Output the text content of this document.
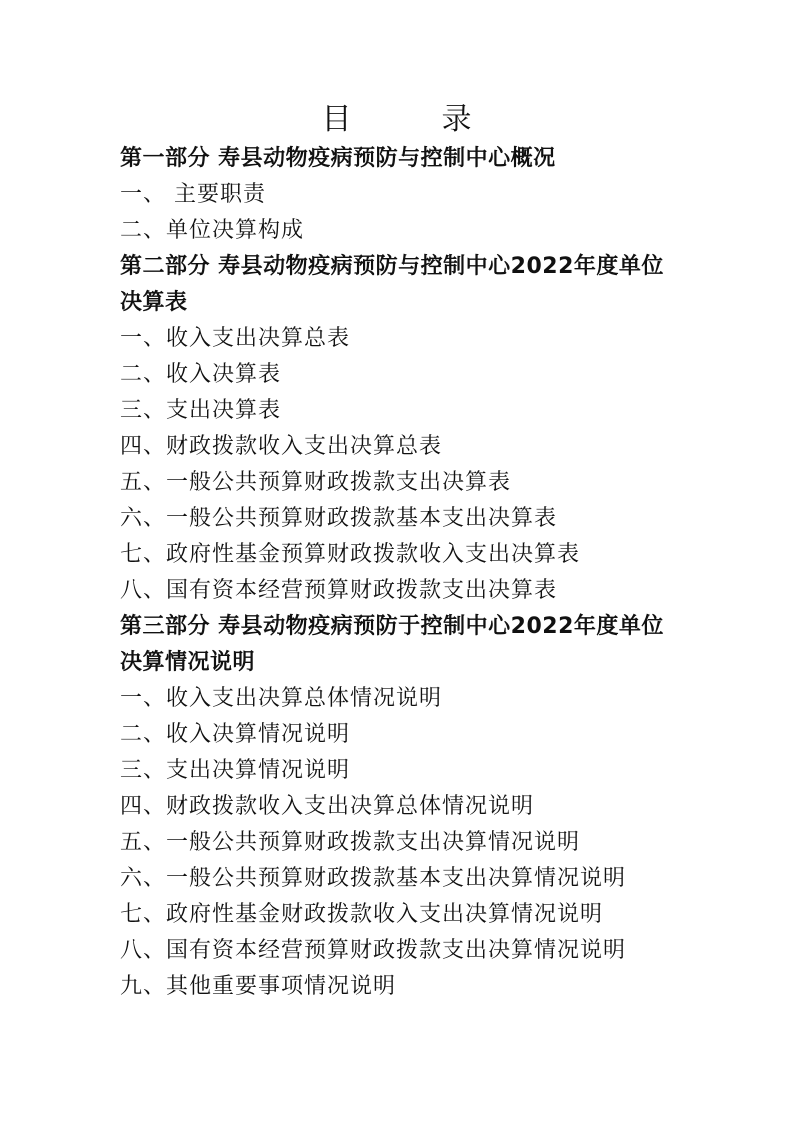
目　录
第一部分 寿县动物疫病预防与控制中心概况
一、 主要职责
二、单位决算构成
第二部分 寿县动物疫病预防与控制中心2022年度单位决算表
一、收入支出决算总表
二、收入决算表
三、支出决算表
四、财政拨款收入支出决算总表
五、一般公共预算财政拨款支出决算表
六、一般公共预算财政拨款基本支出决算表
七、政府性基金预算财政拨款收入支出决算表
八、国有资本经营预算财政拨款支出决算表
第三部分 寿县动物疫病预防于控制中心2022年度单位决算情况说明
一、收入支出决算总体情况说明
二、收入决算情况说明
三、支出决算情况说明
四、财政拨款收入支出决算总体情况说明
五、一般公共预算财政拨款支出决算情况说明
六、一般公共预算财政拨款基本支出决算情况说明
七、政府性基金财政拨款收入支出决算情况说明
八、国有资本经营预算财政拨款支出决算情况说明
九、其他重要事项情况说明
